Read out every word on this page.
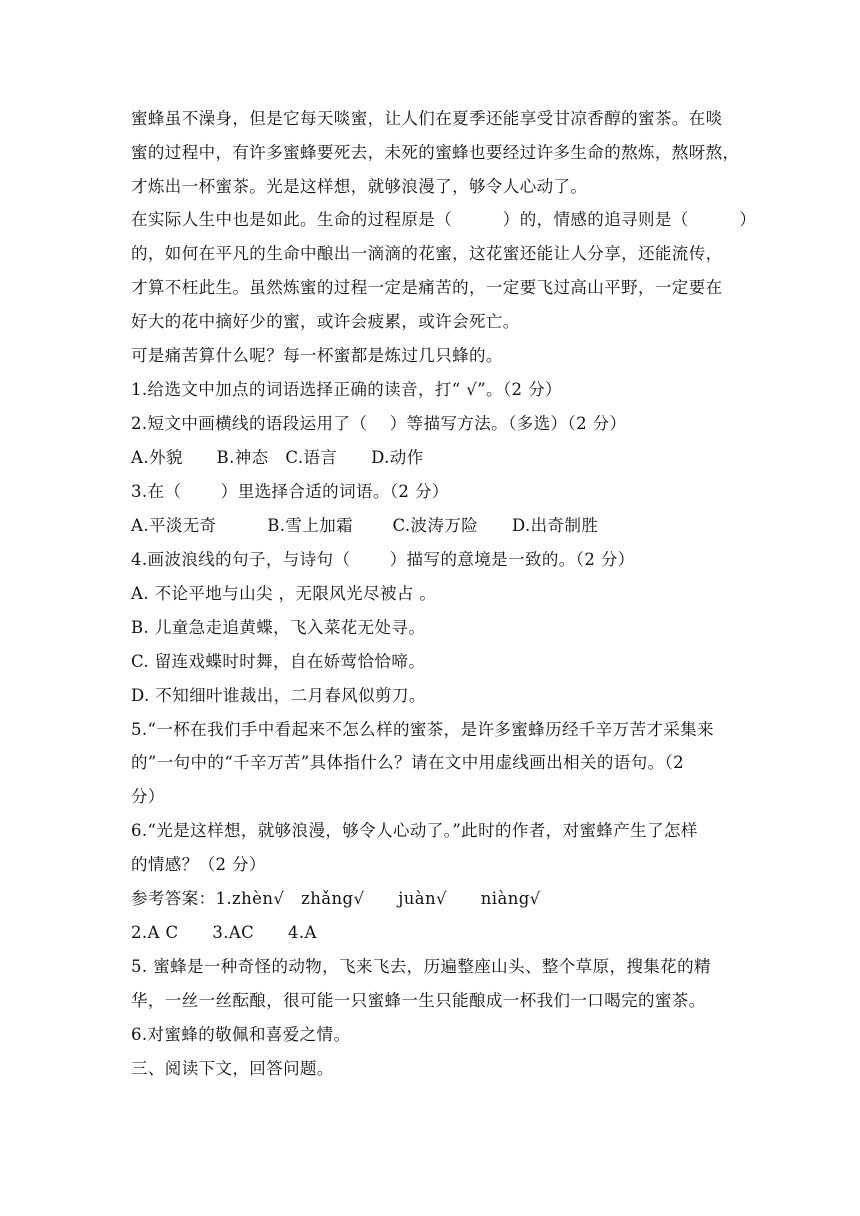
蜜蜂虽不澡身，但是它每天啖蜜，让人们在夏季还能享受甘凉香醇的蜜茶。在啖
蜜的过程中，有许多蜜蜂要死去，未死的蜜蜂也要经过许多生命的熬炼，熬呀熬，
才炼出一杯蜜茶。光是这样想，就够浪漫了，够令人心动了。
在实际人生中也是如此。生命的过程原是（　　　）的，情感的追寻则是（　　　）
的，如何在平凡的生命中酿出一滴滴的花蜜，这花蜜还能让人分享，还能流传，
才算不枉此生。虽然炼蜜的过程一定是痛苦的，一定要飞过高山平野，一定要在
好大的花中摘好少的蜜，或许会疲累，或许会死亡。
可是痛苦算什么呢？每一杯蜜都是炼过几只蜂的。
1.给选文中加点的词语选择正确的读音，打“ √”。（2 分）
2.短文中画横线的语段运用了（　 ）等描写方法。（多选）（2 分）
A.外貌　　B.神态　C.语言　　D.动作
3.在（　　 ）里选择合适的词语。（2 分）
A.平淡无奇　　　B.雪上加霜　　 C.波涛万险　　D.出奇制胜
4.画波浪线的句子，与诗句（　　 ）描写的意境是一致的。（2 分）
A. 不论平地与山尖 ，无限风光尽被占 。
B. 儿童急走追黄蝶，飞入菜花无处寻。
C. 留连戏蝶时时舞，自在娇莺恰恰啼。
D. 不知细叶谁裁出，二月春风似剪刀。
5.“一杯在我们手中看起来不怎么样的蜜茶，是许多蜜蜂历经千辛万苦才采集来
的”一句中的“千辛万苦”具体指什么？请在文中用虚线画出相关的语句。（2
分）
6.“光是这样想，就够浪漫，够令人心动了。”此时的作者，对蜜蜂产生了怎样
的情感？（2 分）
参考答案：1.zhèn√　zhǎng√　　juàn√　　niàng√
2.A C　　3.AC　　4.A
5. 蜜蜂是一种奇怪的动物，飞来飞去，历遍整座山头、整个草原，搜集花的精
华，一丝一丝酝酿，很可能一只蜜蜂一生只能酿成一杯我们一口喝完的蜜茶。
6.对蜜蜂的敬佩和喜爱之情。
三、阅读下文，回答问题。
